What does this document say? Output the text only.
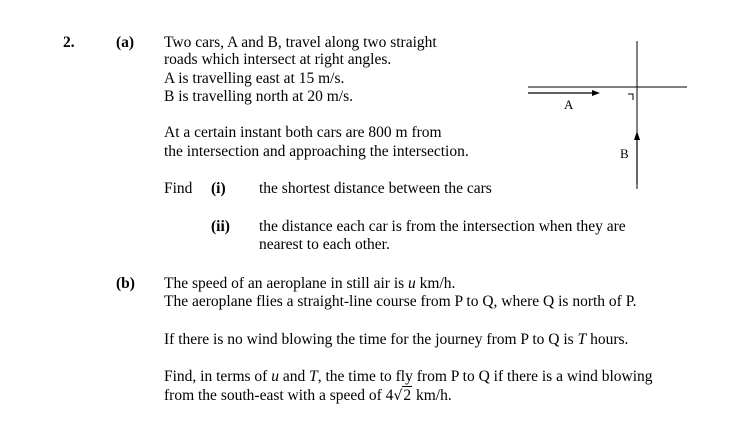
2.	(a) Two cars, A and B, travel along two straight
roads which intersect at right angles.
A is travelling east at 15 m/s.
B is travelling north at 20 m/s.
At a certain instant both cars are 800 m from
the intersection and approaching the intersection.
Find (i) the shortest distance between the cars
(ii) the distance each car is from the intersection when they are
nearest to each other.
A
B
(b) The speed of an aeroplane in still air is u km/h.
The aeroplane flies a straight-line course from P to Q, where Q is north of P.
If there is no wind blowing the time for the journey from P to Q is T hours.
Find, in terms of u and T, the time to fly from P to Q if there is a wind blowing
from the south-east with a speed of 4√2 km/h.
